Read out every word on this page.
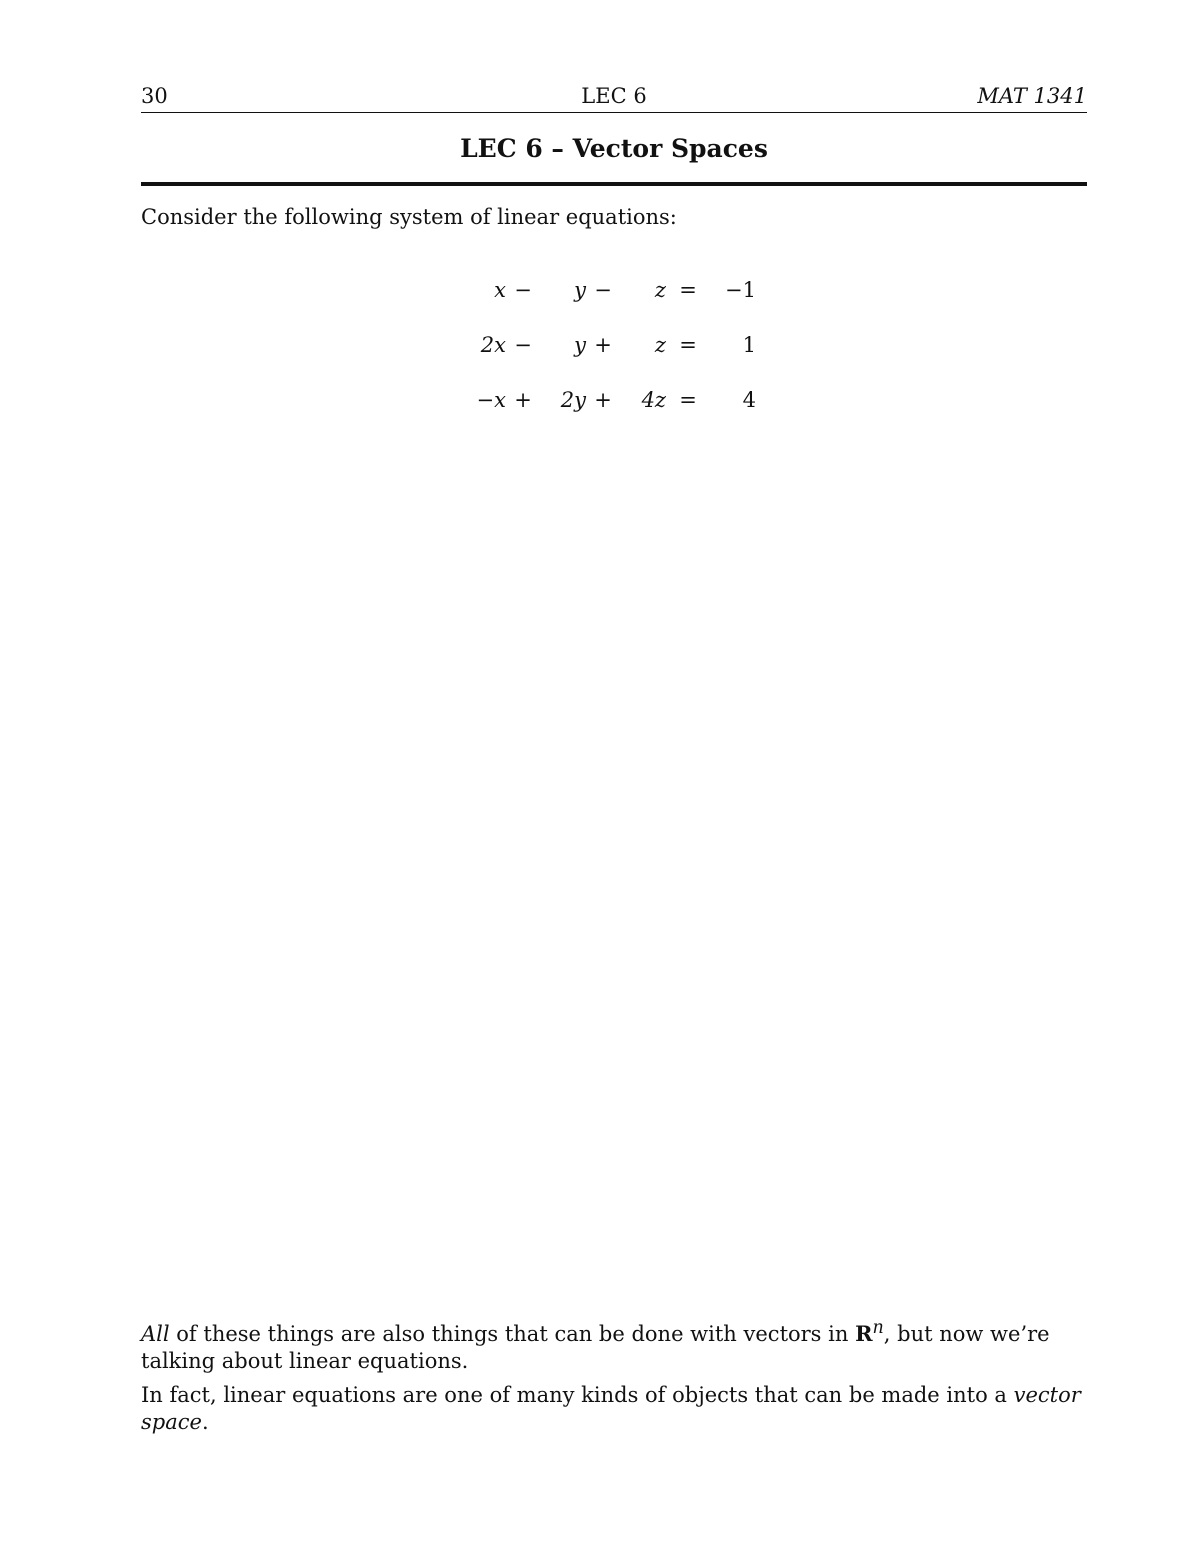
30	LEC 6	MAT 1341
LEC 6 – Vector Spaces
Consider the following system of linear equations:
x	−	y	−	z	=	−1
2x	−	y	+	z	=	1
−x	+	2y	+	4z	=	4
All of these things are also things that can be done with vectors in $R^n$, but now we’re talking about linear equations.
In fact, linear equations are one of many kinds of objects that can be made into a vector space.
